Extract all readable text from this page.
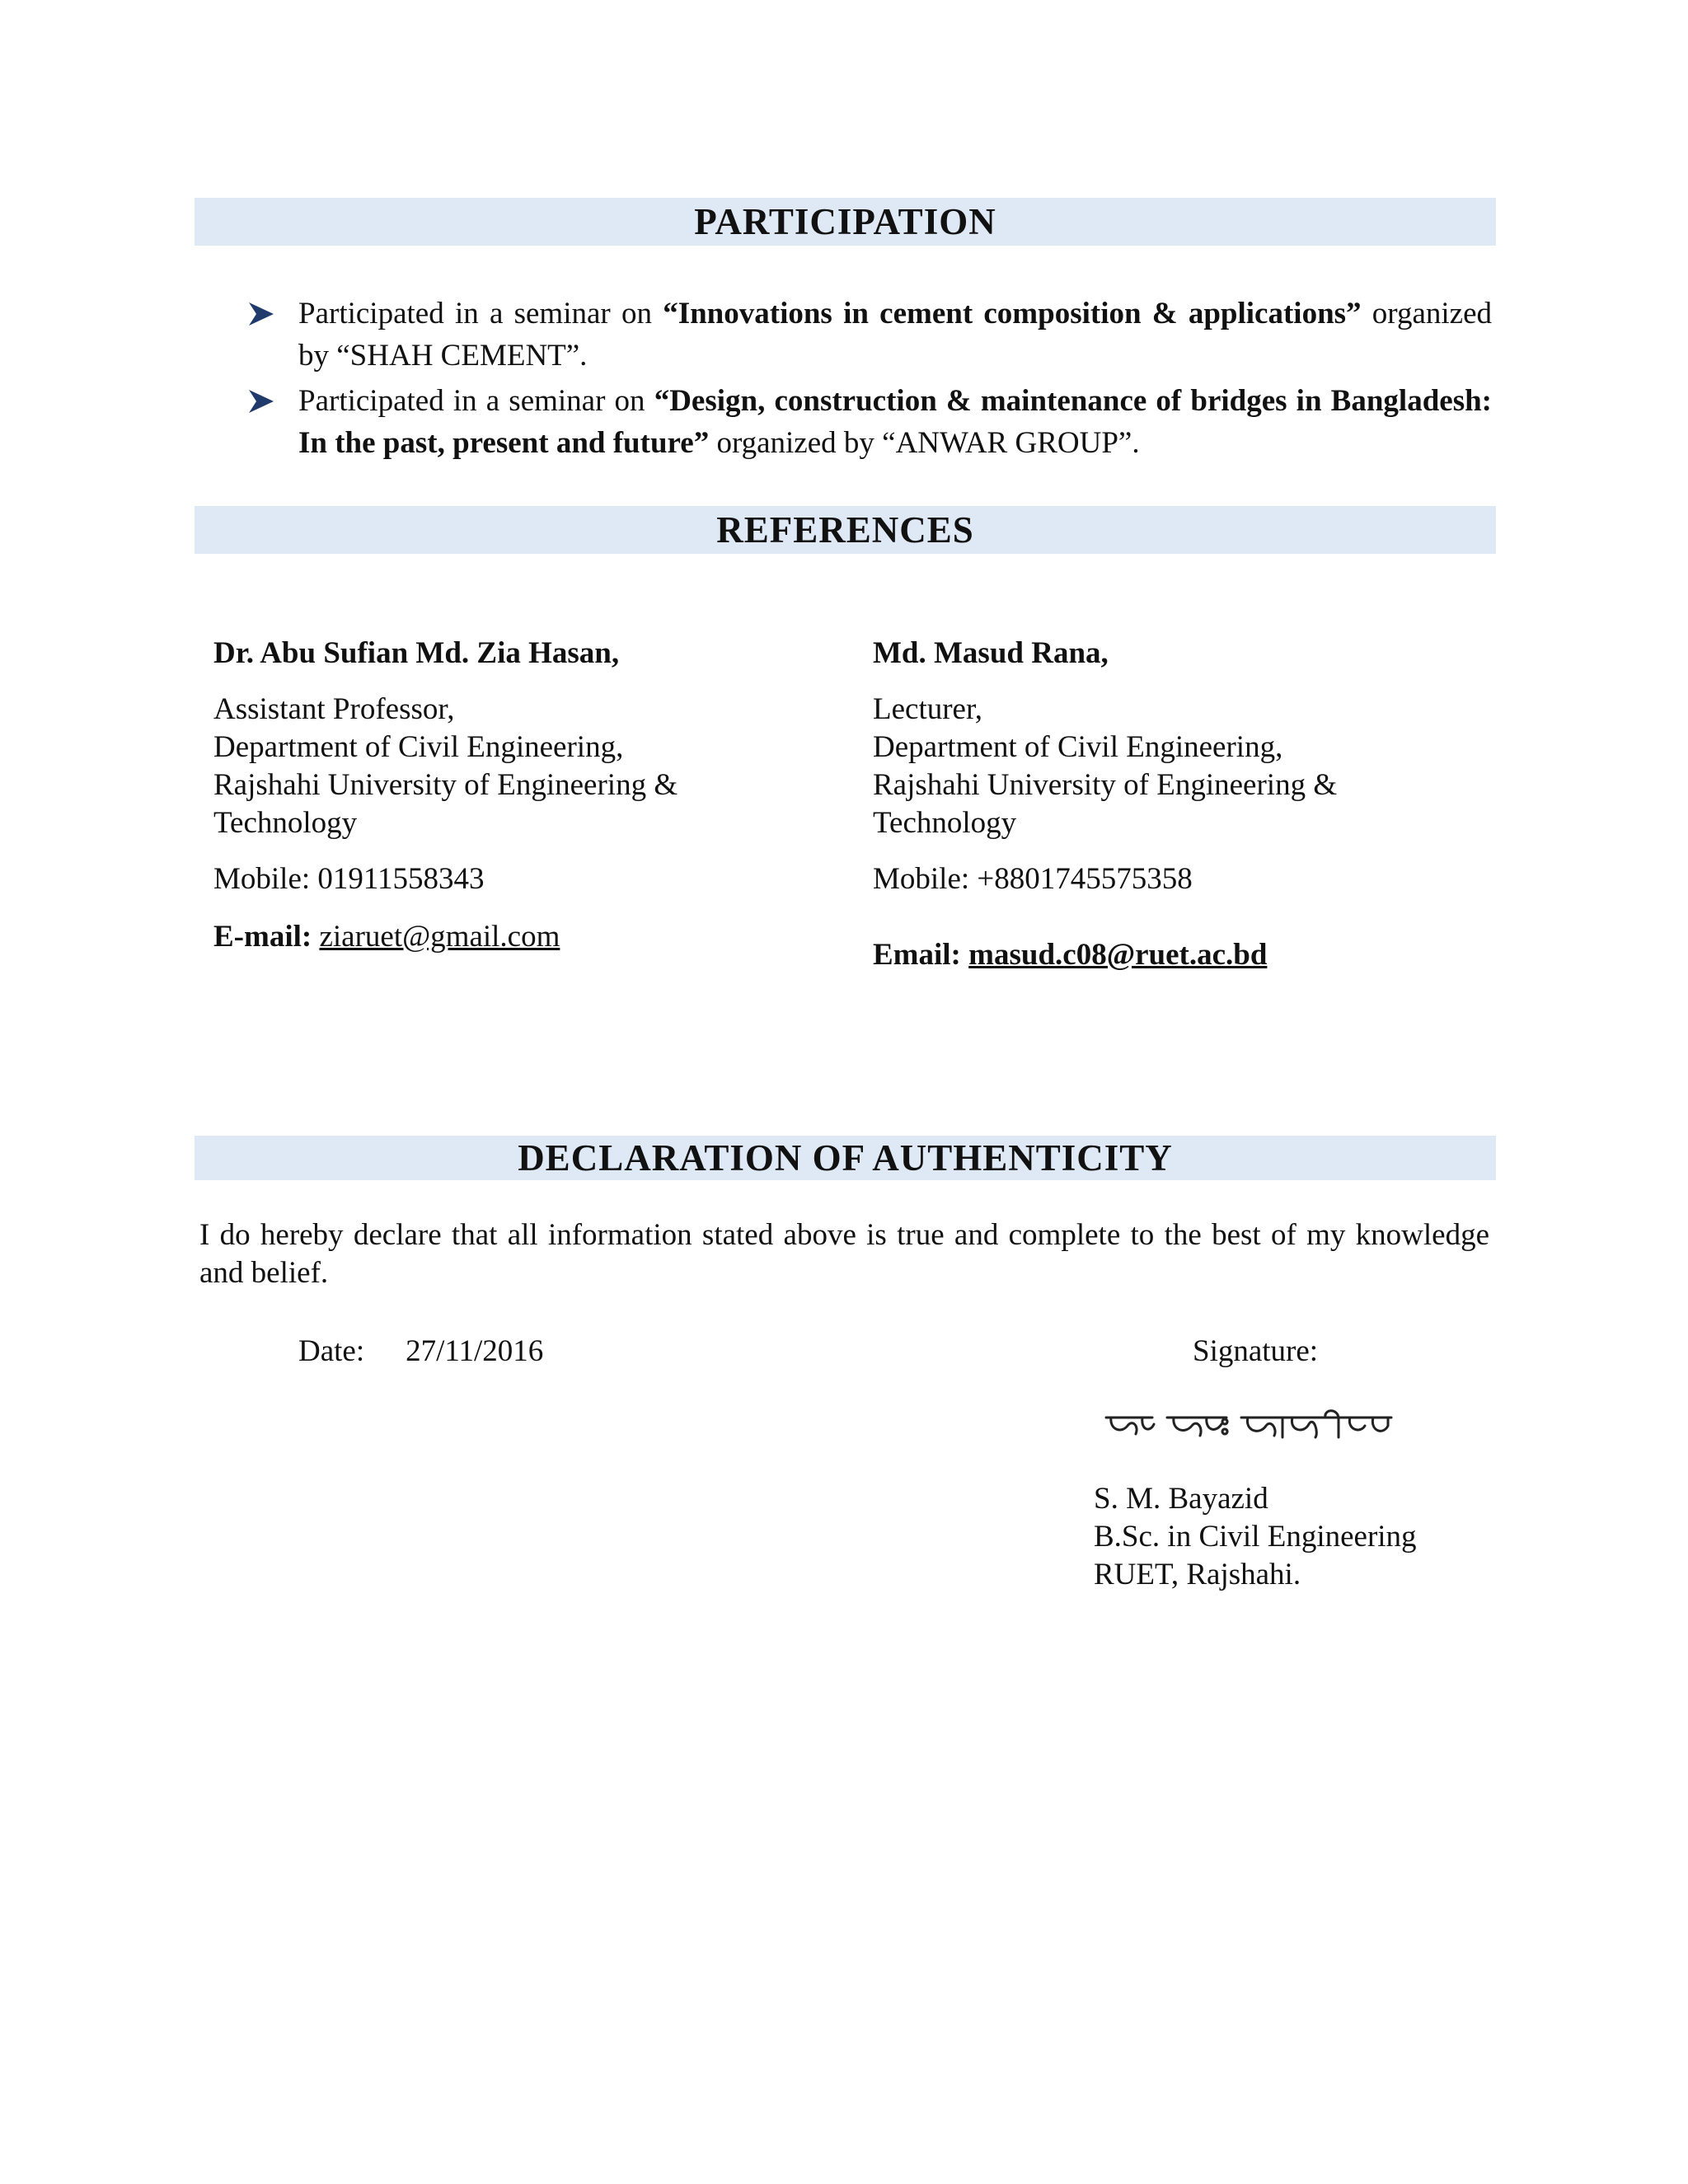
PARTICIPATION
Participated in a seminar on “Innovations in cement composition & applications” organized by “SHAH CEMENT”.
Participated in a seminar on “Design, construction & maintenance of bridges in Bangladesh: In the past, present and future” organized by “ANWAR GROUP”.
REFERENCES
Dr. Abu Sufian Md. Zia Hasan,
Assistant Professor,
Department of Civil Engineering,
Rajshahi University of Engineering & Technology
Mobile: 01911558343
E-mail: ziaruet@gmail.com
Md. Masud Rana,
Lecturer,
Department of Civil Engineering,
Rajshahi University of Engineering & Technology
Mobile: +8801745575358
Email: masud.c08@ruet.ac.bd
DECLARATION OF AUTHENTICITY
I do hereby declare that all information stated above is true and complete to the best of my knowledge and belief.
Date: 27/11/2016	Signature:
S. M. Bayazid
B.Sc. in Civil Engineering
RUET, Rajshahi.
